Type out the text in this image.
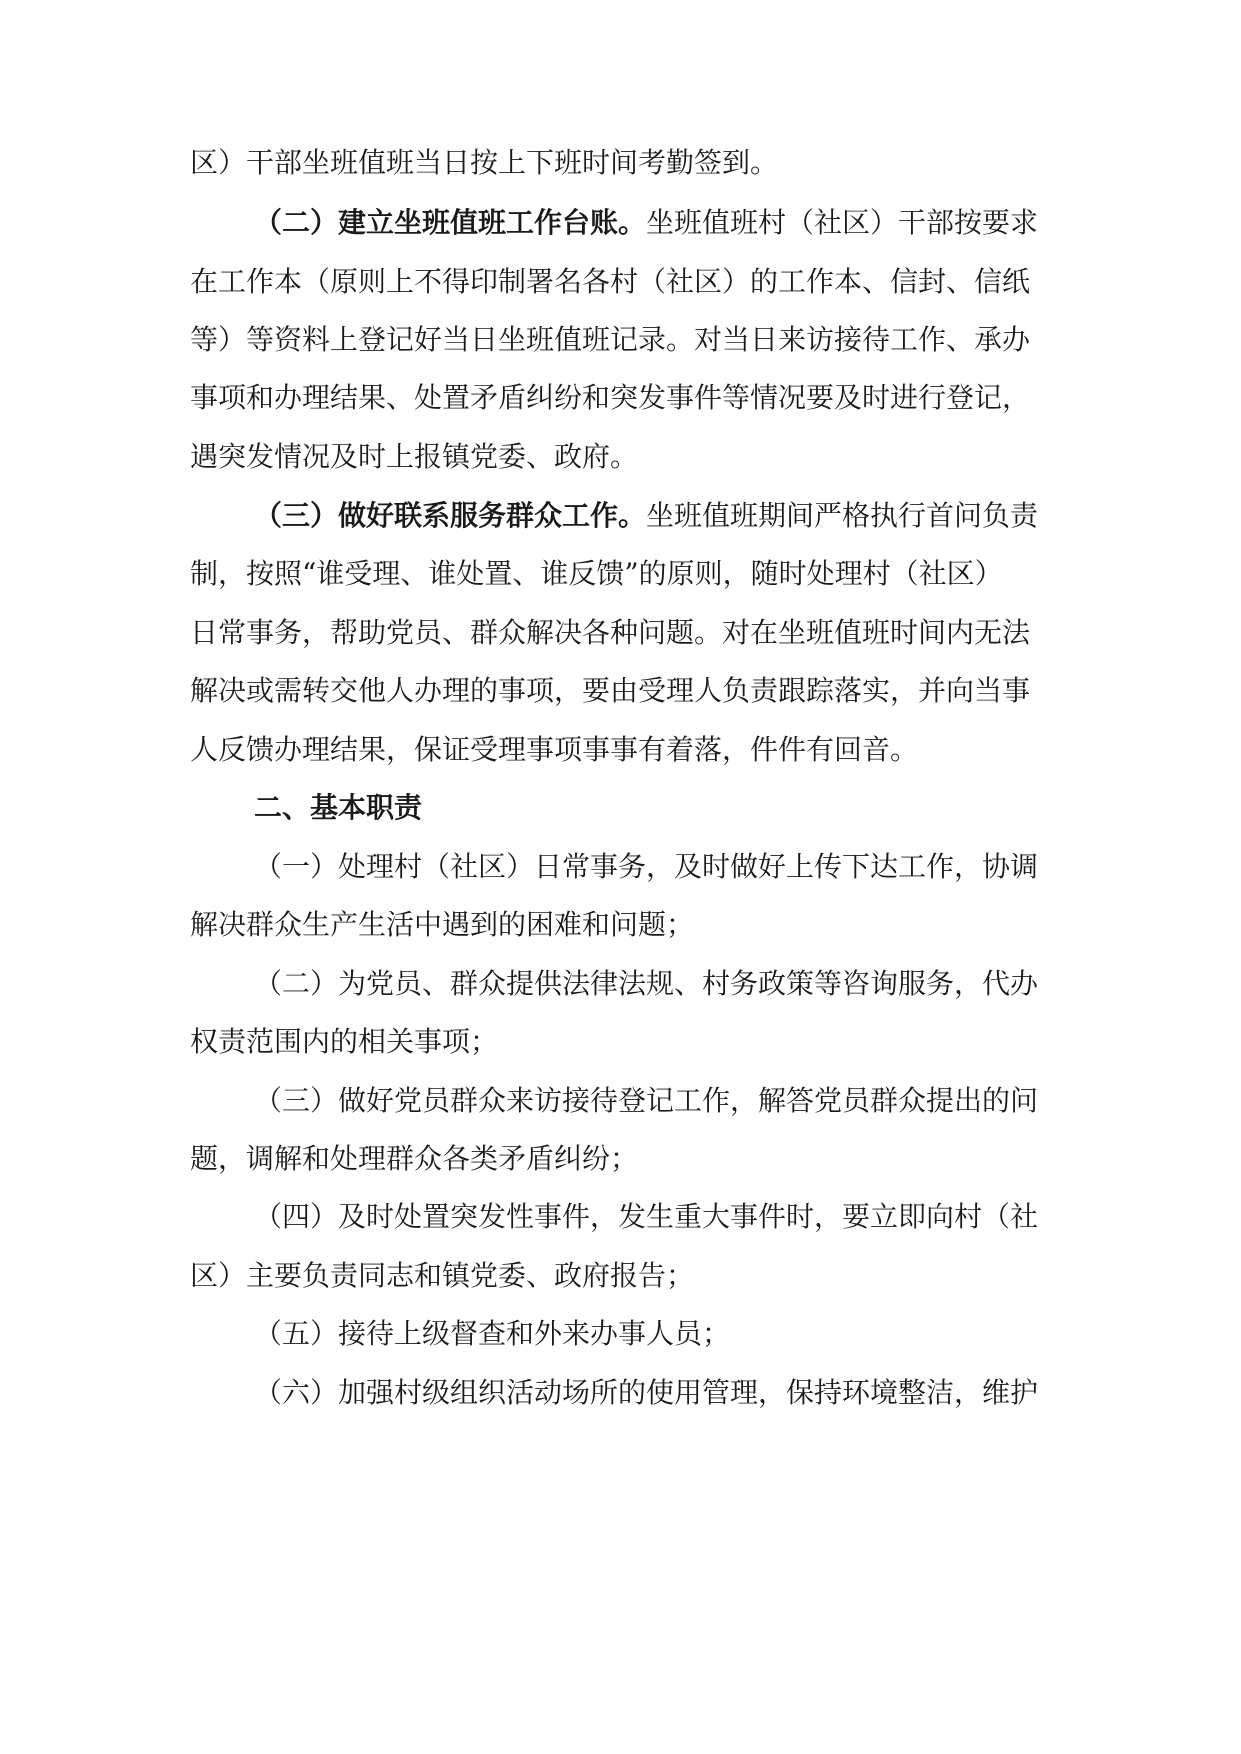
区）干部坐班值班当日按上下班时间考勤签到。
（二）建立坐班值班工作台账。坐班值班村（社区）干部按要求
在工作本（原则上不得印制署名各村（社区）的工作本、信封、信纸
等）等资料上登记好当日坐班值班记录。对当日来访接待工作、承办
事项和办理结果、处置矛盾纠纷和突发事件等情况要及时进行登记，
遇突发情况及时上报镇党委、政府。
（三）做好联系服务群众工作。坐班值班期间严格执行首问负责
制，按照“谁受理、谁处置、谁反馈”的原则，随时处理村（社区）
日常事务，帮助党员、群众解决各种问题。对在坐班值班时间内无法
解决或需转交他人办理的事项，要由受理人负责跟踪落实，并向当事
人反馈办理结果，保证受理事项事事有着落，件件有回音。
二、基本职责
（一）处理村（社区）日常事务，及时做好上传下达工作，协调
解决群众生产生活中遇到的困难和问题；
（二）为党员、群众提供法律法规、村务政策等咨询服务，代办
权责范围内的相关事项；
（三）做好党员群众来访接待登记工作，解答党员群众提出的问
题，调解和处理群众各类矛盾纠纷；
（四）及时处置突发性事件，发生重大事件时，要立即向村（社
区）主要负责同志和镇党委、政府报告；
（五）接待上级督查和外来办事人员；
（六）加强村级组织活动场所的使用管理，保持环境整洁，维护
